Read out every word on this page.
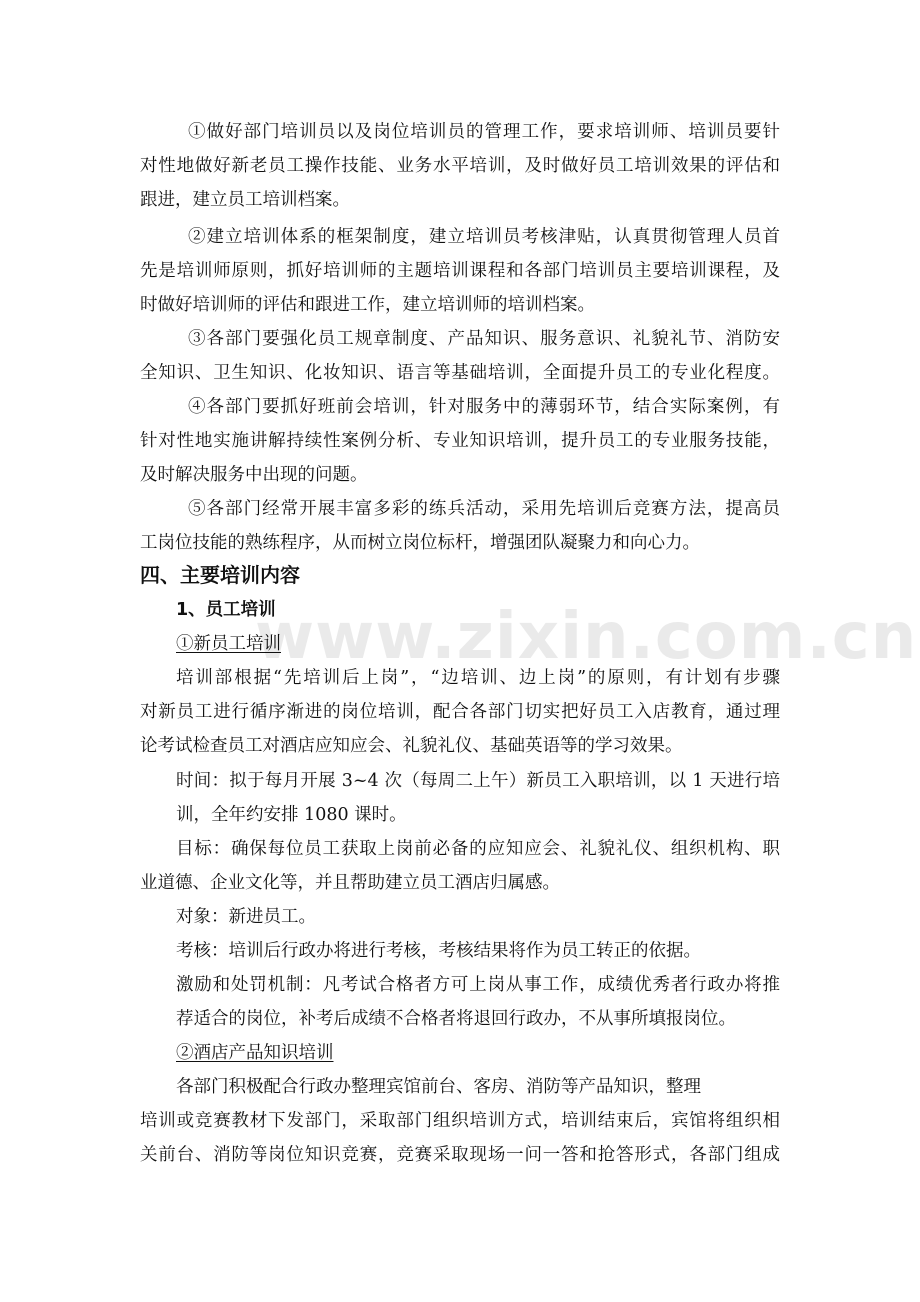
www.zixin.com.cn
①做好部门培训员以及岗位培训员的管理工作，要求培训师、培训员要针
对性地做好新老员工操作技能、业务水平培训，及时做好员工培训效果的评估和
跟进，建立员工培训档案。
②建立培训体系的框架制度，建立培训员考核津贴，认真贯彻管理人员首
先是培训师原则，抓好培训师的主题培训课程和各部门培训员主要培训课程，及
时做好培训师的评估和跟进工作，建立培训师的培训档案。
③各部门要强化员工规章制度、产品知识、服务意识、礼貌礼节、消防安
全知识、卫生知识、化妆知识、语言等基础培训，全面提升员工的专业化程度。
④各部门要抓好班前会培训，针对服务中的薄弱环节，结合实际案例，有
针对性地实施讲解持续性案例分析、专业知识培训，提升员工的专业服务技能，
及时解决服务中出现的问题。
⑤各部门经常开展丰富多彩的练兵活动，采用先培训后竞赛方法，提高员
工岗位技能的熟练程序，从而树立岗位标杆，增强团队凝聚力和向心力。
四、主要培训内容
1、员工培训
①新员工培训
培训部根据“先培训后上岗”，“边培训、边上岗”的原则，有计划有步骤
对新员工进行循序渐进的岗位培训，配合各部门切实把好员工入店教育，通过理
论考试检查员工对酒店应知应会、礼貌礼仪、基础英语等的学习效果。
时间：拟于每月开展 3~4 次（每周二上午）新员工入职培训，以 1 天进行培
训，全年约安排 1080 课时。
目标：确保每位员工获取上岗前必备的应知应会、礼貌礼仪、组织机构、职
业道德、企业文化等，并且帮助建立员工酒店归属感。
对象：新进员工。
考核：培训后行政办将进行考核，考核结果将作为员工转正的依据。
激励和处罚机制：凡考试合格者方可上岗从事工作，成绩优秀者行政办将推
荐适合的岗位，补考后成绩不合格者将退回行政办，不从事所填报岗位。
②酒店产品知识培训
各部门积极配合行政办整理宾馆前台、客房、消防等产品知识，整理
培训或竞赛教材下发部门，采取部门组织培训方式，培训结束后，宾馆将组织相
关前台、消防等岗位知识竞赛，竞赛采取现场一问一答和抢答形式，各部门组成
